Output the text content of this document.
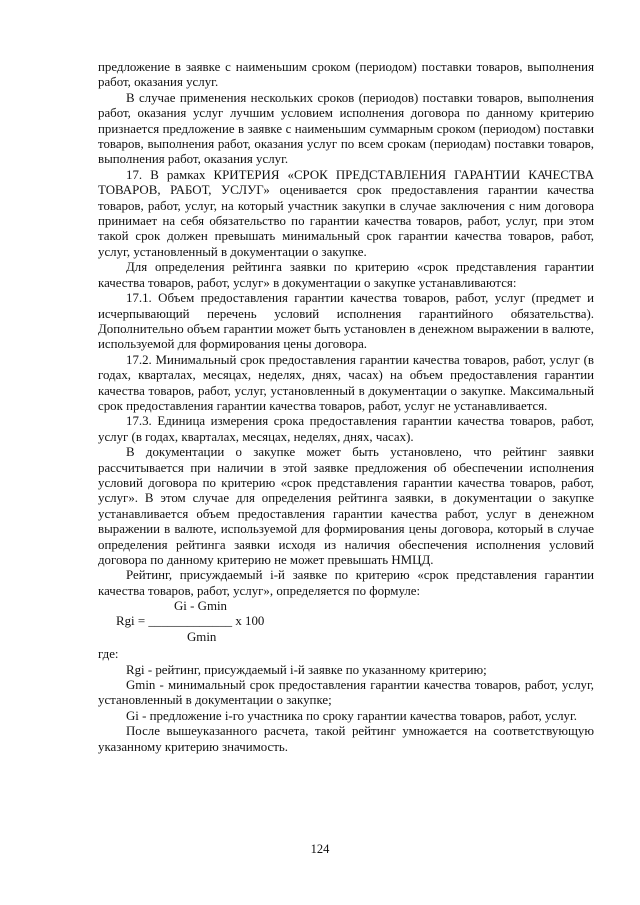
предложение в заявке с наименьшим сроком (периодом) поставки товаров, выполнения работ, оказания услуг.

В случае применения нескольких сроков (периодов) поставки товаров, выполнения работ, оказания услуг лучшим условием исполнения договора по данному критерию признается предложение в заявке с наименьшим суммарным сроком (периодом) поставки товаров, выполнения работ, оказания услуг по всем срокам (периодам) поставки товаров, выполнения работ, оказания услуг.

17. В рамках КРИТЕРИЯ «СРОК ПРЕДСТАВЛЕНИЯ ГАРАНТИИ КАЧЕСТВА ТОВАРОВ, РАБОТ, УСЛУГ» оценивается срок предоставления гарантии качества товаров, работ, услуг, на который участник закупки в случае заключения с ним договора принимает на себя обязательство по гарантии качества товаров, работ, услуг, при этом такой срок должен превышать минимальный срок гарантии качества товаров, работ, услуг, установленный в документации о закупке.

Для определения рейтинга заявки по критерию «срок представления гарантии качества товаров, работ, услуг» в документации о закупке устанавливаются:

17.1. Объем предоставления гарантии качества товаров, работ, услуг (предмет и исчерпывающий перечень условий исполнения гарантийного обязательства). Дополнительно объем гарантии может быть установлен в денежном выражении в валюте, используемой для формирования цены договора.

17.2. Минимальный срок предоставления гарантии качества товаров, работ, услуг (в годах, кварталах, месяцах, неделях, днях, часах) на объем предоставления гарантии качества товаров, работ, услуг, установленный в документации о закупке. Максимальный срок предоставления гарантии качества товаров, работ, услуг не устанавливается.

17.3. Единица измерения срока предоставления гарантии качества товаров, работ, услуг (в годах, кварталах, месяцах, неделях, днях, часах).

В документации о закупке может быть установлено, что рейтинг заявки рассчитывается при наличии в этой заявке предложения об обеспечении исполнения условий договора по критерию «срок представления гарантии качества товаров, работ, услуг». В этом случае для определения рейтинга заявки, в документации о закупке устанавливается объем предоставления гарантии качества работ, услуг в денежном выражении в валюте, используемой для формирования цены договора, который в случае определения рейтинга заявки исходя из наличия обеспечения исполнения условий договора по данному критерию не может превышать НМЦД.

Рейтинг, присуждаемый i-й заявке по критерию «срок представления гарантии качества товаров, работ, услуг», определяется по формуле:

Gi - Gmin
Rgi = _____________ x 100
Gmin

где:

Rgi - рейтинг, присуждаемый i-й заявке по указанному критерию;

Gmin - минимальный срок предоставления гарантии качества товаров, работ, услуг, установленный в документации о закупке;

Gi - предложение i-го участника по сроку гарантии качества товаров, работ, услуг.

После вышеуказанного расчета, такой рейтинг умножается на соответствующую указанному критерию значимость.

124
